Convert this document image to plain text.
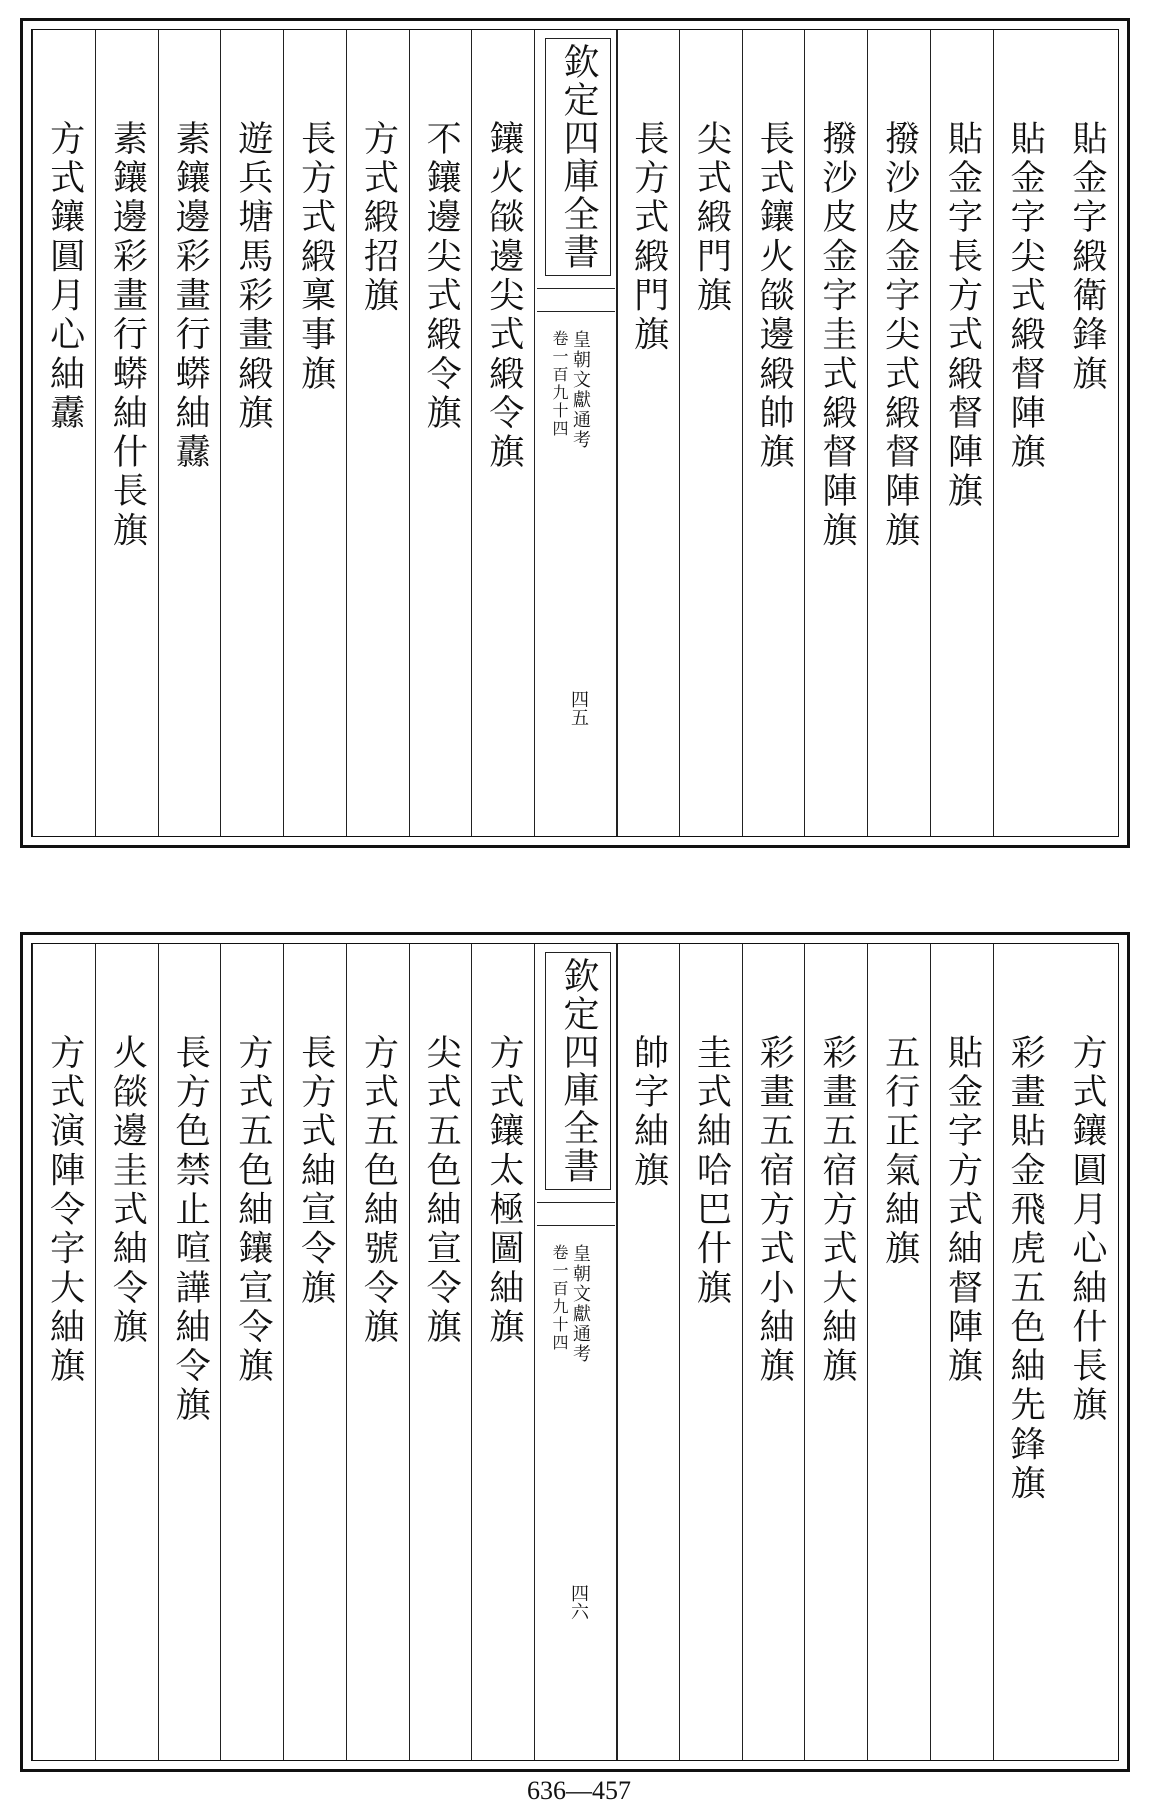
貼金字緞衛鋒旗
貼金字尖式緞督陣旗
貼金字長方式緞督陣旗
撥沙皮金字尖式緞督陣旗
撥沙皮金字圭式緞督陣旗
長式鑲火燄邊緞帥旗
尖式緞門旗
長方式緞門旗
欽定四庫全書
皇朝文獻通考
卷一百九十四
四五
鑲火燄邊尖式緞令旗
不鑲邊尖式緞令旗
方式緞招旗
長方式緞稟事旗
遊兵塘馬彩畫緞旗
素鑲邊彩畫行蟒紬纛
素鑲邊彩畫行蟒紬什長旗
方式鑲圓月心紬纛
方式鑲圓月心紬什長旗
彩畫貼金飛虎五色紬先鋒旗
貼金字方式紬督陣旗
五行正氣紬旗
彩畫五宿方式大紬旗
彩畫五宿方式小紬旗
圭式紬哈巴什旗
帥字紬旗
欽定四庫全書
皇朝文獻通考
卷一百九十四
四六
方式鑲太極圖紬旗
尖式五色紬宣令旗
方式五色紬號令旗
長方式紬宣令旗
方式五色紬鑲宣令旗
長方色禁止喧譁紬令旗
火燄邊圭式紬令旗
方式演陣令字大紬旗
636—457
